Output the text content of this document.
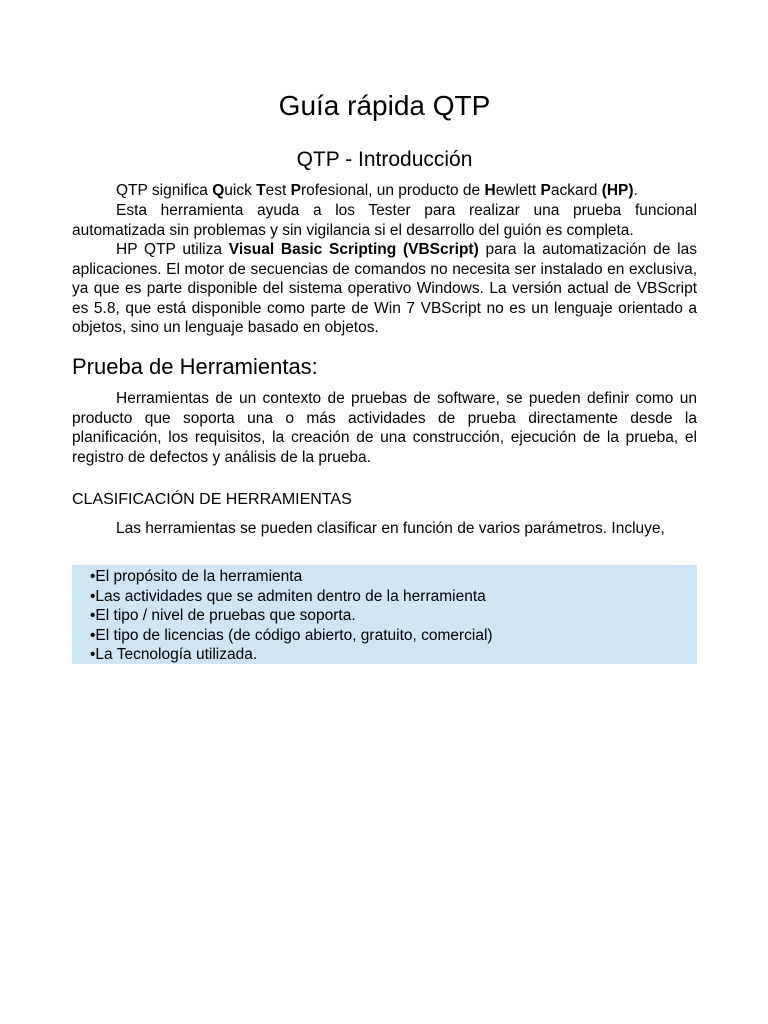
Guía rápida QTP
QTP - Introducción
QTP significa Quick Test Profesional, un producto de Hewlett Packard (HP).
Esta herramienta ayuda a los Tester para realizar una prueba funcional automatizada sin problemas y sin vigilancia si el desarrollo del guión es completa.
HP QTP utiliza Visual Basic Scripting (VBScript) para la automatización de las aplicaciones. El motor de secuencias de comandos no necesita ser instalado en exclusiva, ya que es parte disponible del sistema operativo Windows. La versión actual de VBScript es 5.8, que está disponible como parte de Win 7 VBScript no es un lenguaje orientado a objetos, sino un lenguaje basado en objetos.
Prueba de Herramientas:
Herramientas de un contexto de pruebas de software, se pueden definir como un producto que soporta una o más actividades de prueba directamente desde la planificación, los requisitos, la creación de una construcción, ejecución de la prueba, el registro de defectos y análisis de la prueba.
CLASIFICACIÓN DE HERRAMIENTAS
Las herramientas se pueden clasificar en función de varios parámetros. Incluye,
•El propósito de la herramienta
•Las actividades que se admiten dentro de la herramienta
•El tipo / nivel de pruebas que soporta.
•El tipo de licencias (de código abierto, gratuito, comercial)
•La Tecnología utilizada.
